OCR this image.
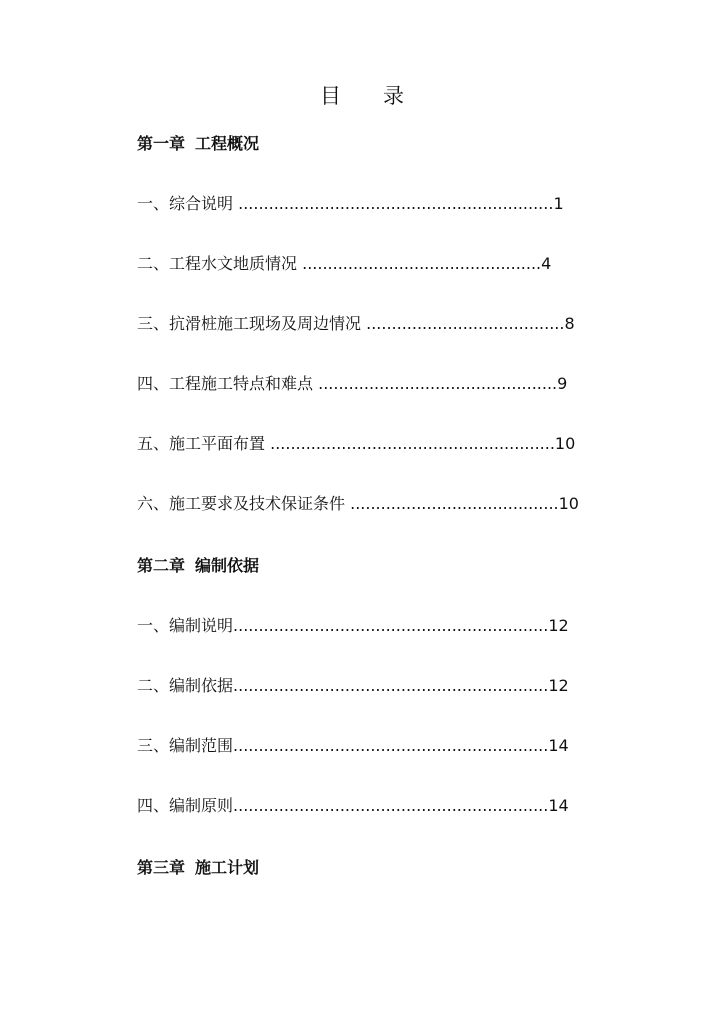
目 录
第一章 工程概况
一、综合说明 ..............................................................1
二、工程水文地质情况 ...............................................4
三、抗滑桩施工现场及周边情况 .......................................8
四、工程施工特点和难点 ...............................................9
五、施工平面布置 ........................................................10
六、施工要求及技术保证条件 .........................................10
第二章 编制依据
一、编制说明..............................................................12
二、编制依据..............................................................12
三、编制范围..............................................................14
四、编制原则..............................................................14
第三章 施工计划
